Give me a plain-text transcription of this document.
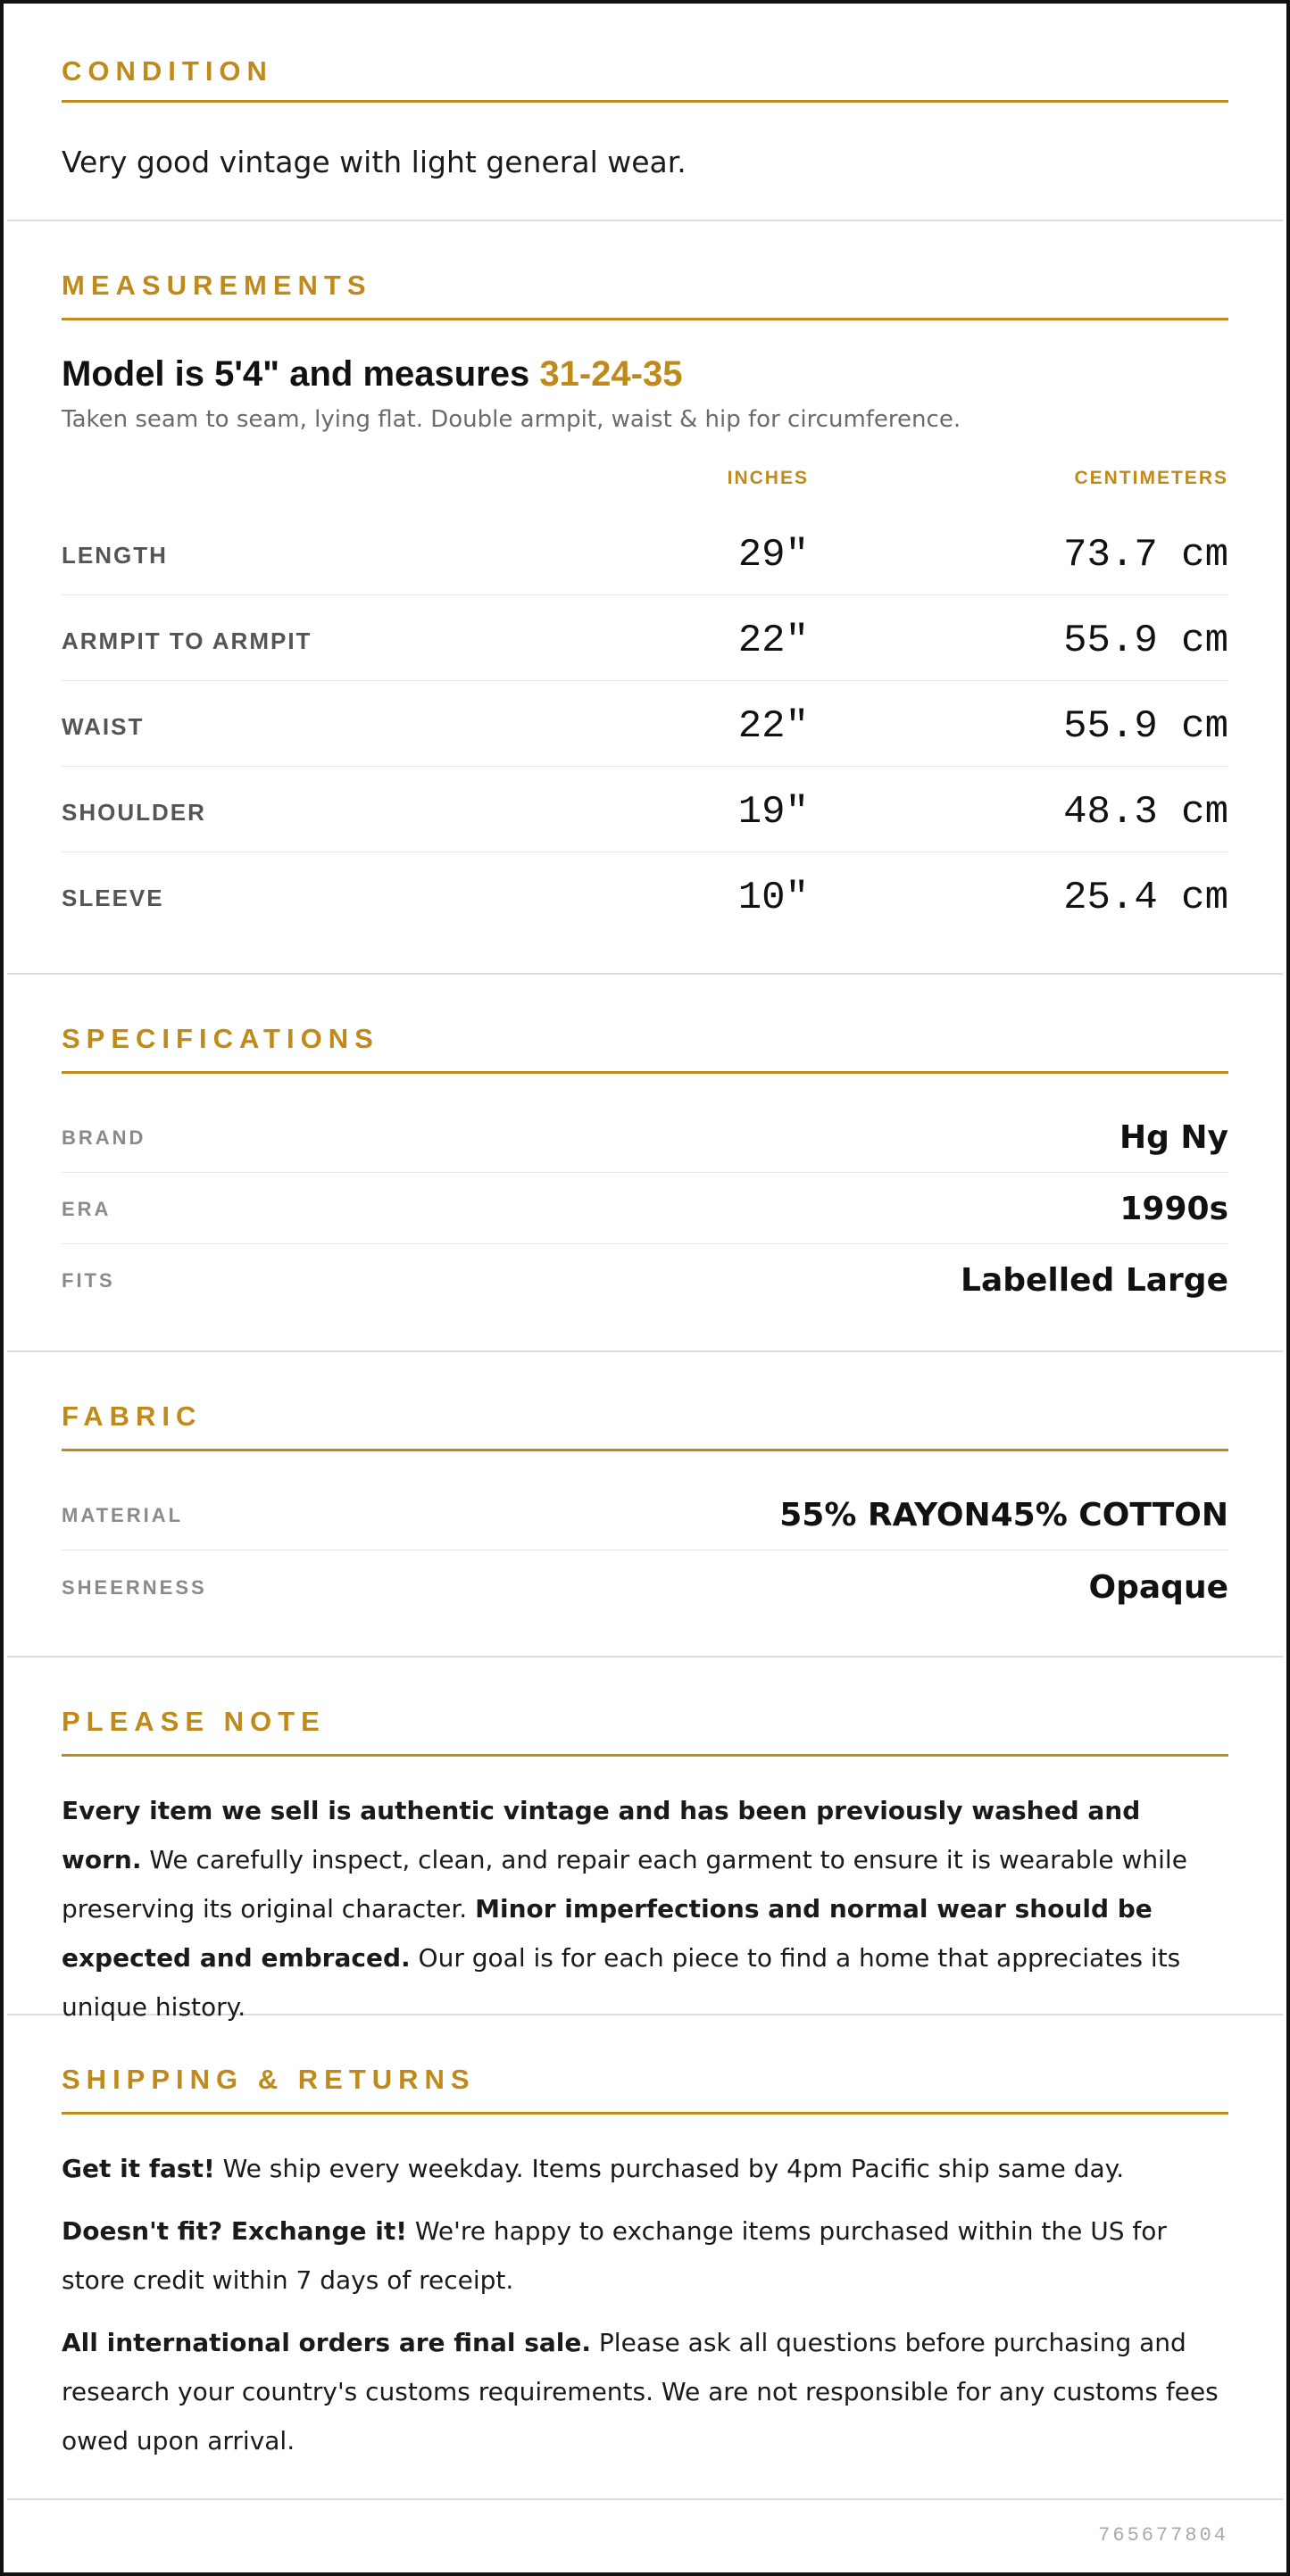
CONDITION
Very good vintage with light general wear.
MEASUREMENTS
Model is 5'4" and measures 31-24-35
Taken seam to seam, lying flat. Double armpit, waist & hip for circumference.
INCHES	CENTIMETERS
LENGTH	29"	73.7 cm
ARMPIT TO ARMPIT	22"	55.9 cm
WAIST	22"	55.9 cm
SHOULDER	19"	48.3 cm
SLEEVE	10"	25.4 cm
SPECIFICATIONS
BRAND	Hg Ny
ERA	1990s
FITS	Labelled Large
FABRIC
MATERIAL	55% RAYON45% COTTON
SHEERNESS	Opaque
PLEASE NOTE

Every item we sell is authentic vintage and has been previously washed and worn. We carefully inspect, clean, and repair each garment to ensure it is wearable while preserving its original character. Minor imperfections and normal wear should be expected and embraced. Our goal is for each piece to find a home that appreciates its unique history.

SHIPPING & RETURNS

Get it fast! We ship every weekday. Items purchased by 4pm Pacific ship same day.

Doesn't fit? Exchange it! We're happy to exchange items purchased within the US for store credit within 7 days of receipt.

All international orders are final sale. Please ask all questions before purchasing and research your country's customs requirements. We are not responsible for any customs fees owed upon arrival.

765677804
